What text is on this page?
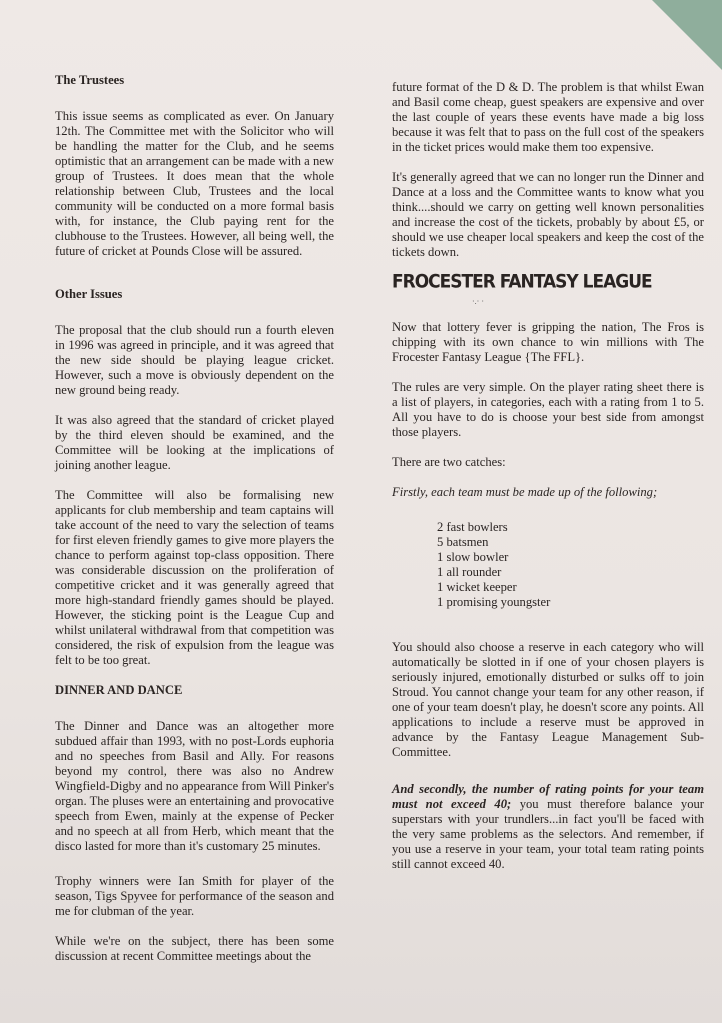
The Trustees

This issue seems as complicated as ever. On January 12th. The Committee met with the Solicitor who will be handling the matter for the Club, and he seems optimistic that an arrangement can be made with a new group of Trustees. It does mean that the whole relationship between Club, Trustees and the local community will be conducted on a more formal basis with, for instance, the Club paying rent for the clubhouse to the Trustees. However, all being well, the future of cricket at Pounds Close will be assured.

Other Issues

The proposal that the club should run a fourth eleven in 1996 was agreed in principle, and it was agreed that the new side should be playing league cricket. However, such a move is obviously dependent on the new ground being ready.

It was also agreed that the standard of cricket played by the third eleven should be examined, and the Committee will be looking at the implications of joining another league.

The Committee will also be formalising new applicants for club membership and team captains will take account of the need to vary the selection of teams for first eleven friendly games to give more players the chance to perform against top-class opposition. There was considerable discussion on the proliferation of competitive cricket and it was generally agreed that more high-standard friendly games should be played. However, the sticking point is the League Cup and whilst unilateral withdrawal from that competition was considered, the risk of expulsion from the league was felt to be too great.

DINNER AND DANCE

The Dinner and Dance was an altogether more subdued affair than 1993, with no post-Lords euphoria and no speeches from Basil and Ally. For reasons beyond my control, there was also no Andrew Wingfield-Digby and no appearance from Will Pinker's organ. The pluses were an entertaining and provocative speech from Ewen, mainly at the expense of Pecker and no speech at all from Herb, which meant that the disco lasted for more than it's customary 25 minutes.

Trophy winners were Ian Smith for player of the season, Tigs Spyvee for performance of the season and me for clubman of the year.

While we're on the subject, there has been some discussion at recent Committee meetings about the

future format of the D & D. The problem is that whilst Ewan and Basil come cheap, guest speakers are expensive and over the last couple of years these events have made a big loss because it was felt that to pass on the full cost of the speakers in the ticket prices would make them too expensive.

It's generally agreed that we can no longer run the Dinner and Dance at a loss and the Committee wants to know what you think....should we carry on getting well known personalities and increase the cost of the tickets, probably by about £5, or should we use cheaper local speakers and keep the cost of the tickets down.

FROCESTER FANTASY LEAGUE
·.· ·

Now that lottery fever is gripping the nation, The Fros is chipping with its own chance to win millions with The Frocester Fantasy League {The FFL}.

The rules are very simple. On the player rating sheet there is a list of players, in categories, each with a rating from 1 to 5. All you have to do is choose your best side from amongst those players.

There are two catches:

Firstly, each team must be made up of the following;

2 fast bowlers
5 batsmen
1 slow bowler
1 all rounder
1 wicket keeper
1 promising youngster

You should also choose a reserve in each category who will automatically be slotted in if one of your chosen players is seriously injured, emotionally disturbed or sulks off to join Stroud. You cannot change your team for any other reason, if one of your team doesn't play, he doesn't score any points. All applications to include a reserve must be approved in advance by the Fantasy League Management Sub-Committee.

And secondly, the number of rating points for your team must not exceed 40; you must therefore balance your superstars with your trundlers...in fact you'll be faced with the very same problems as the selectors. And remember, if you use a reserve in your team, your total team rating points still cannot exceed 40.
